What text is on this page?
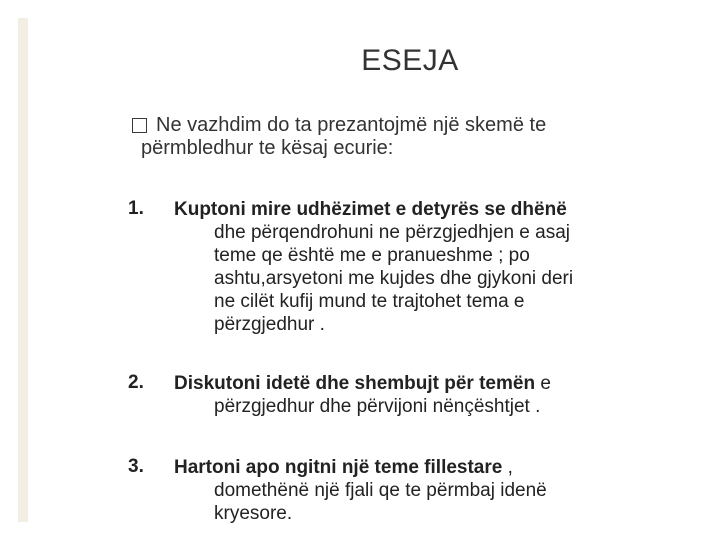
ESEJA
Ne vazhdim do ta prezantojmë një skemë te
përmbledhur te kësaj ecurie:
1. Kuptoni mire udhëzimet e detyrës se dhënë
dhe përqendrohuni ne përzgjedhjen e asaj
teme qe është me e pranueshme ; po
ashtu,arsyetoni me kujdes dhe gjykoni deri
ne cilët kufij mund te trajtohet tema e
përzgjedhur .
2. Diskutoni idetë dhe shembujt për temën e
përzgjedhur dhe përvijoni nënçështjet .
3. Hartoni apo ngitni një teme fillestare ,
domethënë një fjali qe te përmbaj idenë
kryesore.
